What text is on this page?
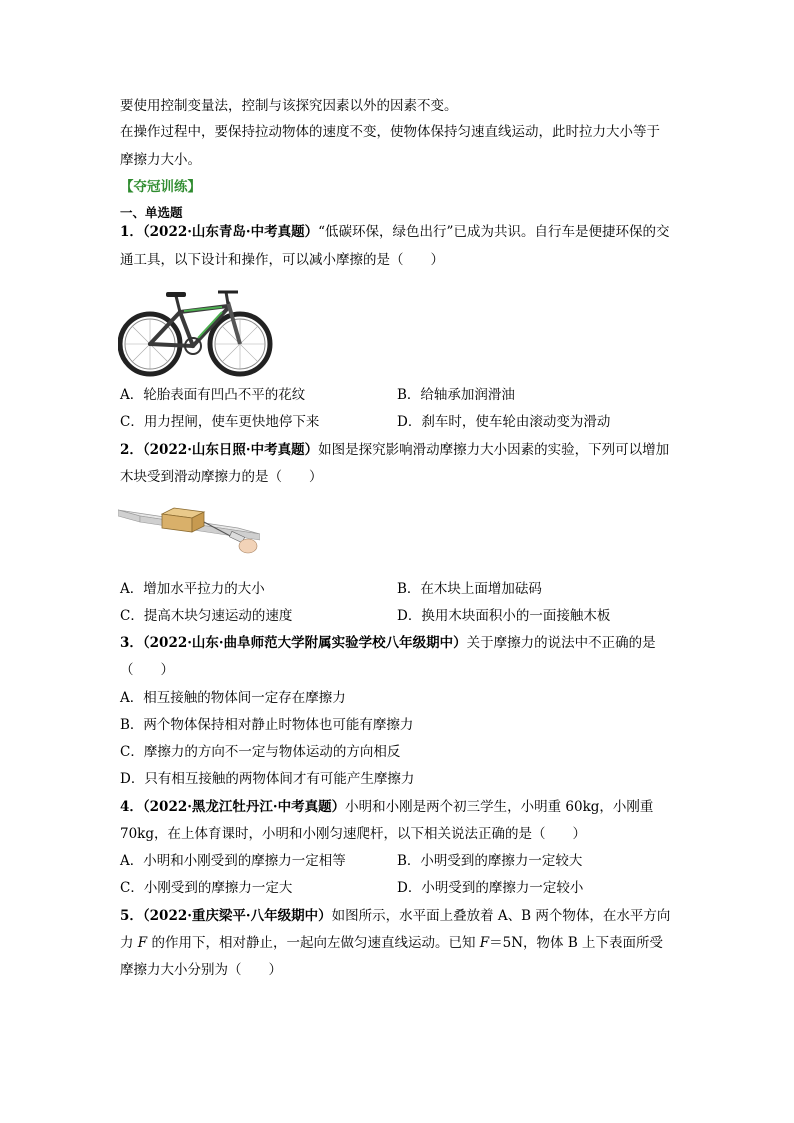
要使用控制变量法，控制与该探究因素以外的因素不变。
在操作过程中，要保持拉动物体的速度不变，使物体保持匀速直线运动，此时拉力大小等于
摩擦力大小。
【夺冠训练】
一、单选题
1．（2022·山东青岛·中考真题）“低碳环保，绿色出行”已成为共识。自行车是便捷环保的交
通工具，以下设计和操作，可以减小摩擦的是（　　）
A．轮胎表面有凹凸不平的花纹	B．给轴承加润滑油
C．用力捏闸，使车更快地停下来	D．刹车时，使车轮由滚动变为滑动
2．（2022·山东日照·中考真题）如图是探究影响滑动摩擦力大小因素的实验，下列可以增加
木块受到滑动摩擦力的是（　　）
A．增加水平拉力的大小	B．在木块上面增加砝码
C．提高木块匀速运动的速度	D．换用木块面积小的一面接触木板
3．（2022·山东·曲阜师范大学附属实验学校八年级期中）关于摩擦力的说法中不正确的是
（　　）
A．相互接触的物体间一定存在摩擦力
B．两个物体保持相对静止时物体也可能有摩擦力
C．摩擦力的方向不一定与物体运动的方向相反
D．只有相互接触的两物体间才有可能产生摩擦力
4．（2022·黑龙江牡丹江·中考真题）小明和小刚是两个初三学生，小明重 60kg，小刚重
70kg，在上体育课时，小明和小刚匀速爬杆，以下相关说法正确的是（　　）
A．小明和小刚受到的摩擦力一定相等	B．小明受到的摩擦力一定较大
C．小刚受到的摩擦力一定大	D．小明受到的摩擦力一定较小
5．（2022·重庆梁平·八年级期中）如图所示，水平面上叠放着 A、B 两个物体，在水平方向
力 F 的作用下，相对静止，一起向左做匀速直线运动。已知 F＝5N，物体 B 上下表面所受
摩擦力大小分别为（　　）
